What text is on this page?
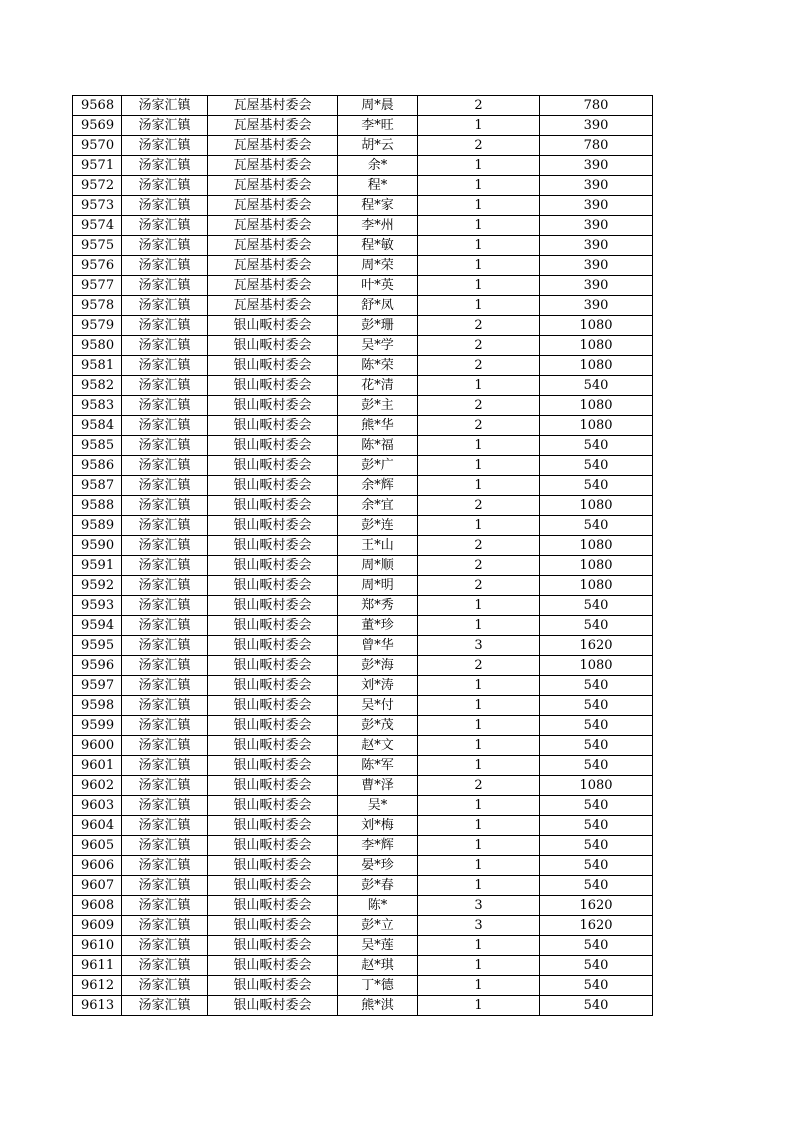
9568	汤家汇镇	瓦屋基村委会	周*晨	2	780
9569	汤家汇镇	瓦屋基村委会	李*旺	1	390
9570	汤家汇镇	瓦屋基村委会	胡*云	2	780
9571	汤家汇镇	瓦屋基村委会	余*	1	390
9572	汤家汇镇	瓦屋基村委会	程*	1	390
9573	汤家汇镇	瓦屋基村委会	程*家	1	390
9574	汤家汇镇	瓦屋基村委会	李*州	1	390
9575	汤家汇镇	瓦屋基村委会	程*敏	1	390
9576	汤家汇镇	瓦屋基村委会	周*荣	1	390
9577	汤家汇镇	瓦屋基村委会	叶*英	1	390
9578	汤家汇镇	瓦屋基村委会	舒*凤	1	390
9579	汤家汇镇	银山畈村委会	彭*珊	2	1080
9580	汤家汇镇	银山畈村委会	吴*学	2	1080
9581	汤家汇镇	银山畈村委会	陈*荣	2	1080
9582	汤家汇镇	银山畈村委会	花*清	1	540
9583	汤家汇镇	银山畈村委会	彭*主	2	1080
9584	汤家汇镇	银山畈村委会	熊*华	2	1080
9585	汤家汇镇	银山畈村委会	陈*福	1	540
9586	汤家汇镇	银山畈村委会	彭*广	1	540
9587	汤家汇镇	银山畈村委会	余*辉	1	540
9588	汤家汇镇	银山畈村委会	余*宜	2	1080
9589	汤家汇镇	银山畈村委会	彭*连	1	540
9590	汤家汇镇	银山畈村委会	王*山	2	1080
9591	汤家汇镇	银山畈村委会	周*顺	2	1080
9592	汤家汇镇	银山畈村委会	周*明	2	1080
9593	汤家汇镇	银山畈村委会	郑*秀	1	540
9594	汤家汇镇	银山畈村委会	董*珍	1	540
9595	汤家汇镇	银山畈村委会	曾*华	3	1620
9596	汤家汇镇	银山畈村委会	彭*海	2	1080
9597	汤家汇镇	银山畈村委会	刘*涛	1	540
9598	汤家汇镇	银山畈村委会	吴*付	1	540
9599	汤家汇镇	银山畈村委会	彭*茂	1	540
9600	汤家汇镇	银山畈村委会	赵*文	1	540
9601	汤家汇镇	银山畈村委会	陈*军	1	540
9602	汤家汇镇	银山畈村委会	曹*泽	2	1080
9603	汤家汇镇	银山畈村委会	吴*	1	540
9604	汤家汇镇	银山畈村委会	刘*梅	1	540
9605	汤家汇镇	银山畈村委会	李*辉	1	540
9606	汤家汇镇	银山畈村委会	晏*珍	1	540
9607	汤家汇镇	银山畈村委会	彭*春	1	540
9608	汤家汇镇	银山畈村委会	陈*	3	1620
9609	汤家汇镇	银山畈村委会	彭*立	3	1620
9610	汤家汇镇	银山畈村委会	吴*莲	1	540
9611	汤家汇镇	银山畈村委会	赵*琪	1	540
9612	汤家汇镇	银山畈村委会	丁*德	1	540
9613	汤家汇镇	银山畈村委会	熊*淇	1	540
